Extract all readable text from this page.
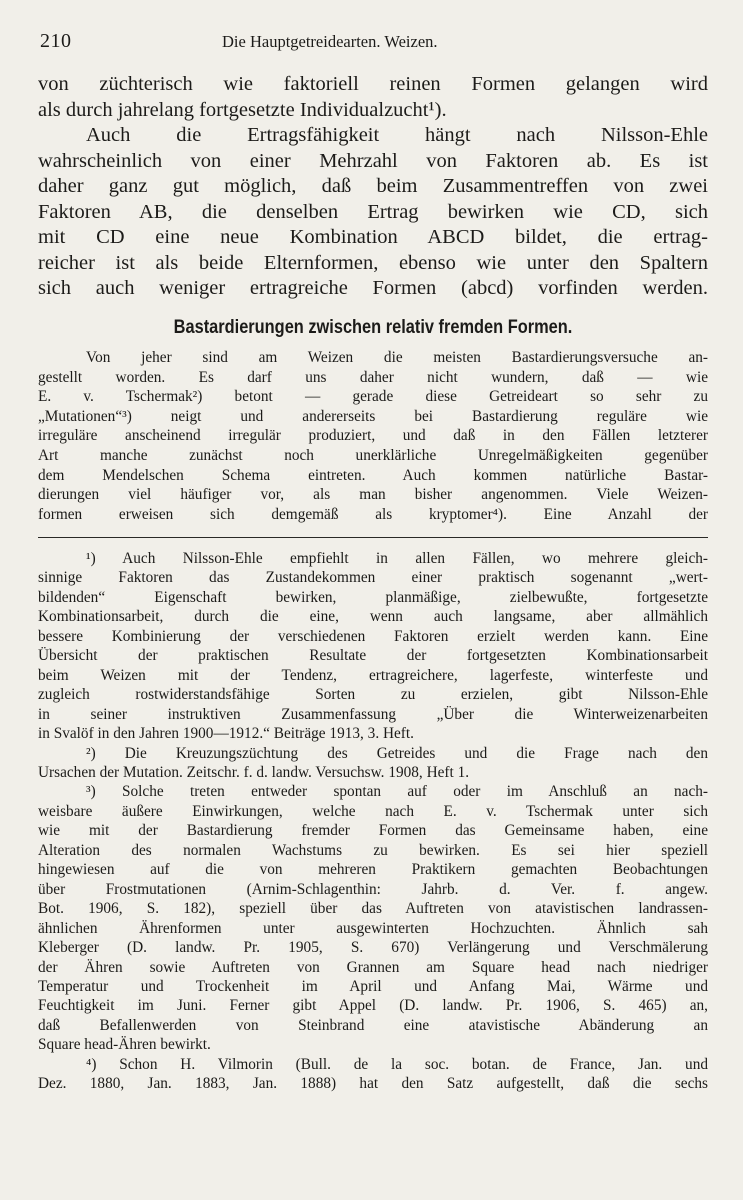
210	Die Hauptgetreidearten. Weizen.
von züchterisch wie faktoriell reinen Formen gelangen wird
als durch jahrelang fortgesetzte Individualzucht¹).
Auch die Ertragsfähigkeit hängt nach Nilsson-Ehle
wahrscheinlich von einer Mehrzahl von Faktoren ab. Es ist
daher ganz gut möglich, daß beim Zusammentreffen von zwei
Faktoren AB, die denselben Ertrag bewirken wie CD, sich
mit CD eine neue Kombination ABCD bildet, die ertrag-
reicher ist als beide Elternformen, ebenso wie unter den Spaltern
sich auch weniger ertragreiche Formen (abcd) vorfinden werden.
Bastardierungen zwischen relativ fremden Formen.
Von jeher sind am Weizen die meisten Bastardierungsversuche an-
gestellt worden. Es darf uns daher nicht wundern, daß — wie
E. v. Tschermak²) betont — gerade diese Getreideart so sehr zu
„Mutationen“³) neigt und andererseits bei Bastardierung reguläre wie
irreguläre anscheinend irregulär produziert, und daß in den Fällen letzterer
Art manche zunächst noch unerklärliche Unregelmäßigkeiten gegenüber
dem Mendelschen Schema eintreten. Auch kommen natürliche Bastar-
dierungen viel häufiger vor, als man bisher angenommen. Viele Weizen-
formen erweisen sich demgemäß als kryptomer⁴). Eine Anzahl der
¹) Auch Nilsson-Ehle empfiehlt in allen Fällen, wo mehrere gleich-
sinnige Faktoren das Zustandekommen einer praktisch sogenannt „wert-
bildenden“ Eigenschaft bewirken, planmäßige, zielbewußte, fortgesetzte
Kombinationsarbeit, durch die eine, wenn auch langsame, aber allmählich
bessere Kombinierung der verschiedenen Faktoren erzielt werden kann. Eine
Übersicht der praktischen Resultate der fortgesetzten Kombinationsarbeit
beim Weizen mit der Tendenz, ertragreichere, lagerfeste, winterfeste und
zugleich rostwiderstandsfähige Sorten zu erzielen, gibt Nilsson-Ehle
in seiner instruktiven Zusammenfassung „Über die Winterweizenarbeiten
in Svalöf in den Jahren 1900—1912.“ Beiträge 1913, 3. Heft.
²) Die Kreuzungszüchtung des Getreides und die Frage nach den
Ursachen der Mutation. Zeitschr. f. d. landw. Versuchsw. 1908, Heft 1.
³) Solche treten entweder spontan auf oder im Anschluß an nach-
weisbare äußere Einwirkungen, welche nach E. v. Tschermak unter sich
wie mit der Bastardierung fremder Formen das Gemeinsame haben, eine
Alteration des normalen Wachstums zu bewirken. Es sei hier speziell
hingewiesen auf die von mehreren Praktikern gemachten Beobachtungen
über Frostmutationen (Arnim-Schlagenthin: Jahrb. d. Ver. f. angew.
Bot. 1906, S. 182), speziell über das Auftreten von atavistischen landrassen-
ähnlichen Ährenformen unter ausgewinterten Hochzuchten. Ähnlich sah
Kleberger (D. landw. Pr. 1905, S. 670) Verlängerung und Verschmälerung
der Ähren sowie Auftreten von Grannen am Square head nach niedriger
Temperatur und Trockenheit im April und Anfang Mai, Wärme und
Feuchtigkeit im Juni. Ferner gibt Appel (D. landw. Pr. 1906, S. 465) an,
daß Befallenwerden von Steinbrand eine atavistische Abänderung an
Square head-Ähren bewirkt.
⁴) Schon H. Vilmorin (Bull. de la soc. botan. de France, Jan. und
Dez. 1880, Jan. 1883, Jan. 1888) hat den Satz aufgestellt, daß die sechs
